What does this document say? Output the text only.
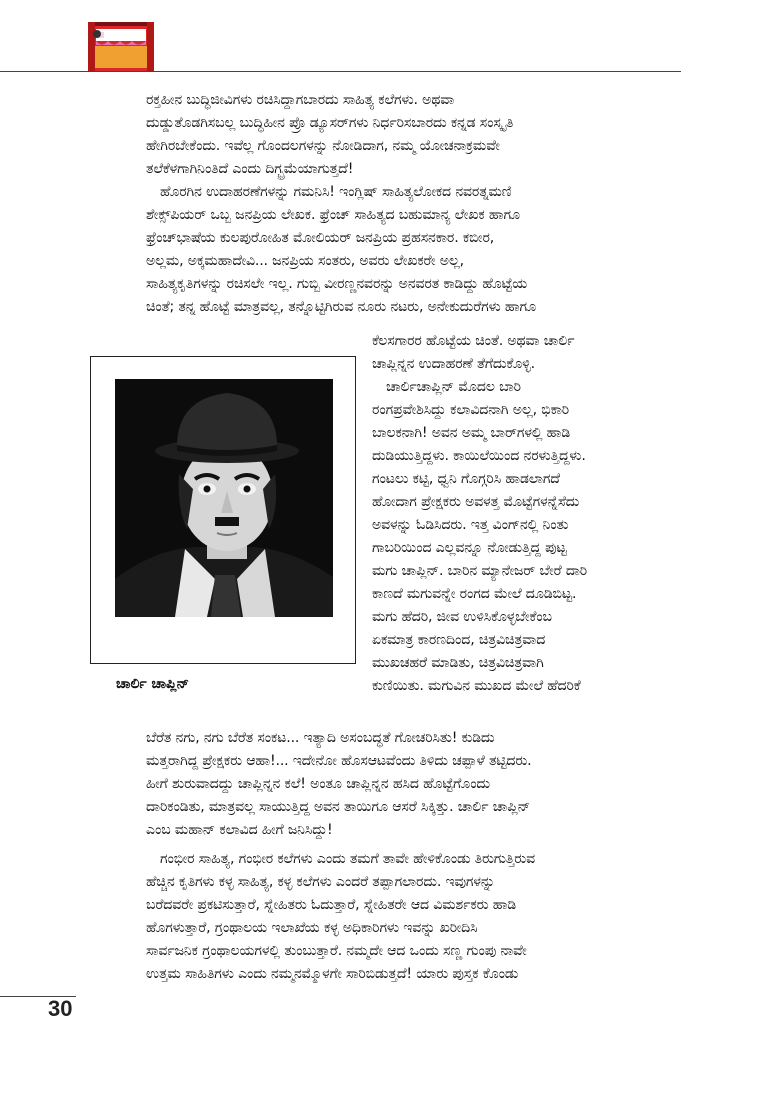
ರಕ್ತಹೀನ ಬುದ್ಧಿಜೀವಿಗಳು ರಚಿಸಿದ್ದಾಗಬಾರದು ಸಾಹಿತ್ಯ ಕಲೆಗಳು. ಅಥವಾ
ದುಡ್ಡುತೊಡಗಿಸಬಲ್ಲ ಬುದ್ಧಿಹೀನ ಪ್ರೊ ಡ್ಯೂಸರ್‌ಗಳು ನಿರ್ಧರಿಸಬಾರದು ಕನ್ನಡ ಸಂಸ್ಕೃತಿ
ಹೇಗಿರಬೇಕೆಂದು. ಇವೆಲ್ಲ ಗೊಂದಲಗಳನ್ನು ನೋಡಿದಾಗ, ನಮ್ಮ ಯೋಚನಾಕ್ರಮವೇ
ತಲೆಕೆಳಗಾಗಿನಿಂತಿದೆ ಎಂದು ದಿಗ್ಭ್ರಮೆಯಾಗುತ್ತದೆ!
ಹೊರಗಿನ ಉದಾಹರಣೆಗಳನ್ನು ಗಮನಿಸಿ! ಇಂಗ್ಲಿಷ್ ಸಾಹಿತ್ಯಲೋಕದ ನವರತ್ನಮಣಿ
ಶೇಕ್ಸ್‌ಪಿಯರ್ ಒಬ್ಬ ಜನಪ್ರಿಯ ಲೇಖಕ. ಫ್ರೆಂಚ್ ಸಾಹಿತ್ಯದ ಬಹುಮಾನ್ಯ ಲೇಖಕ ಹಾಗೂ
ಫ್ರೆಂಚ್‌ಭಾಷೆಯ ಕುಲಪುರೋಹಿತ ಮೋಲಿಯರ್ ಜನಪ್ರಿಯ ಪ್ರಹಸನಕಾರ. ಕಬೀರ,
ಅಲ್ಲಮ, ಅಕ್ಕಮಹಾದೇವಿ... ಜನಪ್ರಿಯ ಸಂತರು, ಅವರು ಲೇಖಕರೇ ಅಲ್ಲ,
ಸಾಹಿತ್ಯಕೃತಿಗಳನ್ನು ರಚಿಸಲೇ ಇಲ್ಲ. ಗುಬ್ಬಿ ವೀರಣ್ಣನವರನ್ನು ಅನವರತ ಕಾಡಿದ್ದು ಹೊಟ್ಟೆಯ
ಚಿಂತೆ; ತನ್ನ ಹೊಟ್ಟೆ ಮಾತ್ರವಲ್ಲ, ತನ್ನೊಟ್ಟಿಗಿರುವ ನೂರು ನಟರು, ಅನೇಕುದುರೆಗಳು ಹಾಗೂ
ಕೆಲಸಗಾರರ ಹೊಟ್ಟೆಯ ಚಿಂತೆ. ಅಥವಾ ಚಾರ್ಲಿ
ಚಾಪ್ಲಿನ್ನನ ಉದಾಹರಣೆ ತೆಗೆದುಕೊಳ್ಳಿ.
ಚಾರ್ಲಿಚಾಪ್ಲಿನ್ ಮೊದಲ ಬಾರಿ
ರಂಗಪ್ರವೇಶಿಸಿದ್ದು ಕಲಾವಿದನಾಗಿ ಅಲ್ಲ, ಭಿಕಾರಿ
ಬಾಲಕನಾಗಿ! ಅವನ ಅಮ್ಮ ಬಾರ್‌ಗಳಲ್ಲಿ ಹಾಡಿ
ದುಡಿಯುತ್ತಿದ್ದಳು. ಕಾಯಿಲೆಯಿಂದ ನರಳುತ್ತಿದ್ದಳು.
ಗಂಟಲು ಕಟ್ಟಿ, ಧ್ವನಿ ಗೊಗ್ಗರಿಸಿ ಹಾಡಲಾಗದೆ
ಹೋದಾಗ ಪ್ರೇಕ್ಷಕರು ಅವಳತ್ತ ಮೊಟ್ಟೆಗಳನ್ನೆಸೆದು
ಅವಳನ್ನು ಓಡಿಸಿದರು. ಇತ್ತ ವಿಂಗ್‌ನಲ್ಲಿ ನಿಂತು
ಗಾಬರಿಯಿಂದ ಎಲ್ಲವನ್ನೂ ನೋಡುತ್ತಿದ್ದ ಪುಟ್ಟ
ಮಗು ಚಾಪ್ಲಿನ್. ಬಾರಿನ ಮ್ಯಾನೇಜರ್ ಬೇರೆ ದಾರಿ
ಕಾಣದೆ ಮಗುವನ್ನೇ ರಂಗದ ಮೇಲೆ ದೂಡಿಬಿಟ್ಟ.
ಮಗು ಹೆದರಿ, ಜೀವ ಉಳಿಸಿಕೊಳ್ಳಬೇಕೆಂಬ
ಏಕಮಾತ್ರ ಕಾರಣದಿಂದ, ಚಿತ್ರವಿಚಿತ್ರವಾದ
ಮುಖಚಹರೆ ಮಾಡಿತು, ಚಿತ್ರವಿಚಿತ್ರವಾಗಿ
ಕುಣಿಯಿತು. ಮಗುವಿನ ಮುಖದ ಮೇಲೆ ಹೆದರಿಕೆ
ಚಾರ್ಲಿ ಚಾಪ್ಲಿನ್
ಬೆರೆತ ನಗು, ನಗು ಬೆರೆತ ಸಂಕಟ... ಇತ್ಯಾದಿ ಅಸಂಬದ್ಧತೆ ಗೋಚರಿಸಿತು! ಕುಡಿದು
ಮತ್ತರಾಗಿದ್ದ ಪ್ರೇಕ್ಷಕರು ಆಹಾ!... ಇದೇನೋ ಹೊಸಆಟವೆಂದು ತಿಳಿದು ಚಪ್ಪಾಳೆ ತಟ್ಟಿದರು.
ಹೀಗೆ ಶುರುವಾದದ್ದು ಚಾಪ್ಲಿನ್ನನ ಕಲೆ! ಅಂತೂ ಚಾಪ್ಲಿನ್ನನ ಹಸಿದ ಹೊಟ್ಟೆಗೊಂದು
ದಾರಿಕಂಡಿತು, ಮಾತ್ರವಲ್ಲ ಸಾಯುತ್ತಿದ್ದ ಅವನ ತಾಯಿಗೂ ಆಸರೆ ಸಿಕ್ಕಿತ್ತು. ಚಾರ್ಲಿ ಚಾಪ್ಲಿನ್
ಎಂಬ ಮಹಾನ್ ಕಲಾವಿದ ಹೀಗೆ ಜನಿಸಿದ್ದು!
ಗಂಭೀರ ಸಾಹಿತ್ಯ, ಗಂಭೀರ ಕಲೆಗಳು ಎಂದು ತಮಗೆ ತಾವೇ ಹೇಳಿಕೊಂಡು ತಿರುಗುತ್ತಿರುವ
ಹೆಚ್ಚಿನ ಕೃತಿಗಳು ಕಳ್ಳ ಸಾಹಿತ್ಯ, ಕಳ್ಳ ಕಲೆಗಳು ಎಂದರೆ ತಪ್ಪಾಗಲಾರದು. ಇವುಗಳನ್ನು
ಬರೆದವರೇ ಪ್ರಕಟಿಸುತ್ತಾರೆ, ಸ್ನೇಹಿತರು ಓದುತ್ತಾರೆ, ಸ್ನೇಹಿತರೇ ಆದ ವಿಮರ್ಶಕರು ಹಾಡಿ
ಹೊಗಳುತ್ತಾರೆ, ಗ್ರಂಥಾಲಯ ಇಲಾಖೆಯ ಕಳ್ಳ ಅಧಿಕಾರಿಗಳು ಇವನ್ನು ಖರೀದಿಸಿ
ಸಾರ್ವಜನಿಕ ಗ್ರಂಥಾಲಯಗಳಲ್ಲಿ ತುಂಬುತ್ತಾರೆ. ನಮ್ಮದೇ ಆದ ಒಂದು ಸಣ್ಣ ಗುಂಪು ನಾವೇ
ಉತ್ತಮ ಸಾಹಿತಿಗಳು ಎಂದು ನಮ್ಮನಮ್ಮೊಳಗೇ ಸಾರಿಬಿಡುತ್ತದೆ! ಯಾರು ಪುಸ್ತಕ ಕೊಂಡು
30
